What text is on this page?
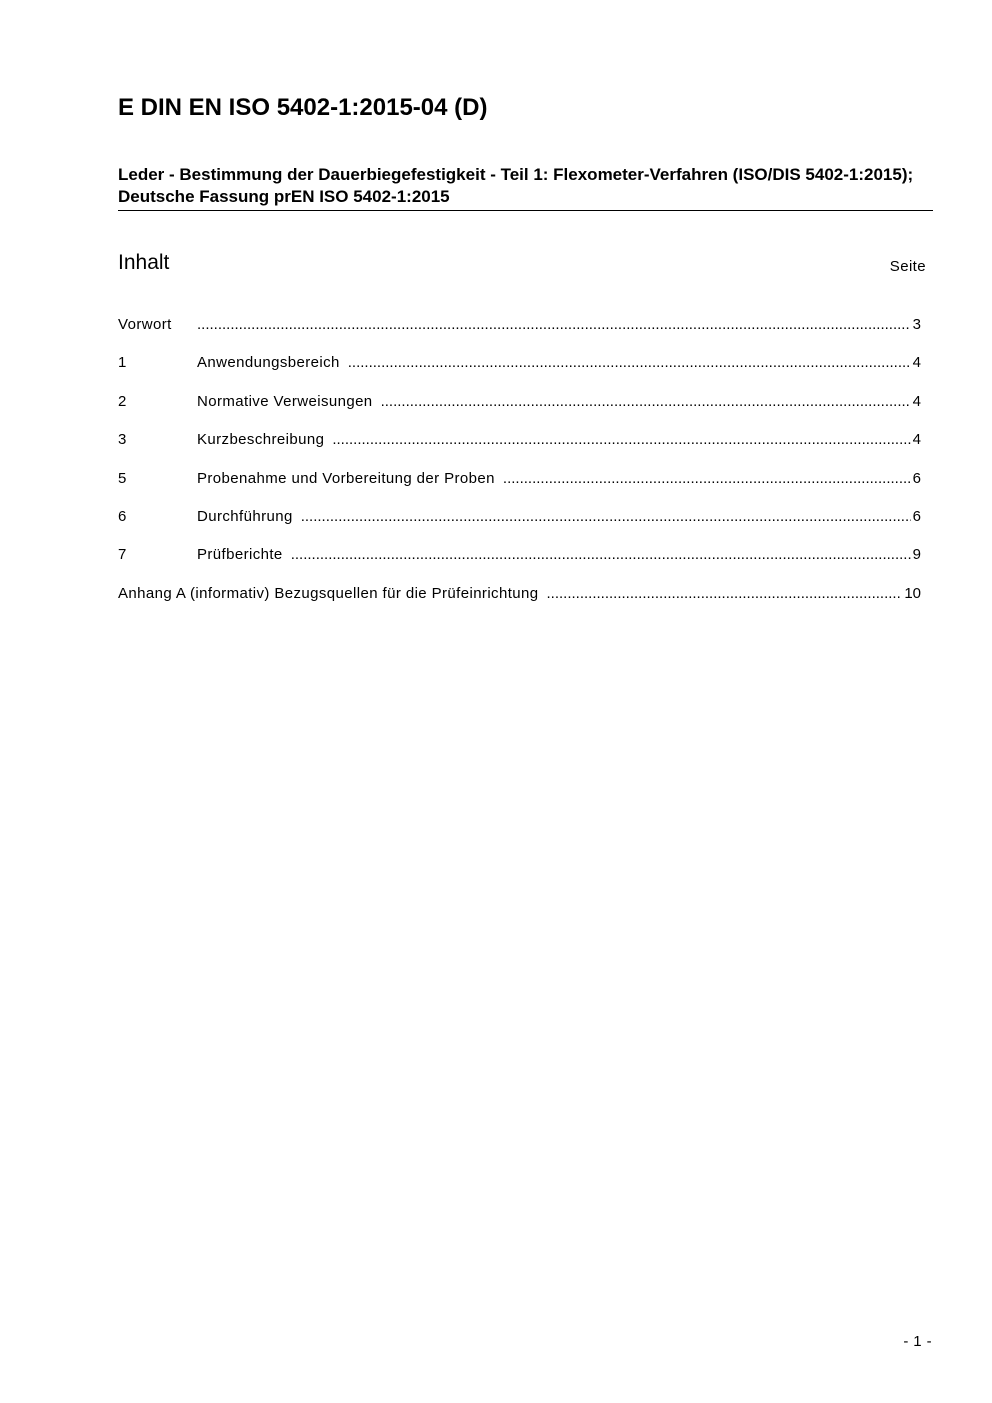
E DIN EN ISO 5402-1:2015-04 (D)
Leder - Bestimmung der Dauerbiegefestigkeit - Teil 1: Flexometer-Verfahren (ISO/DIS 5402-1:2015); Deutsche Fassung prEN ISO 5402-1:2015
Inhalt	Seite
Vorwort .....	3
1	Anwendungsbereich .....	4
2	Normative Verweisungen .....	4
3	Kurzbeschreibung .....	4
5	Probenahme und Vorbereitung der Proben .....	6
6	Durchführung .....	6
7	Prüfberichte .....	9
Anhang A (informativ) Bezugsquellen für die Prüfeinrichtung .....	10
- 1 -
